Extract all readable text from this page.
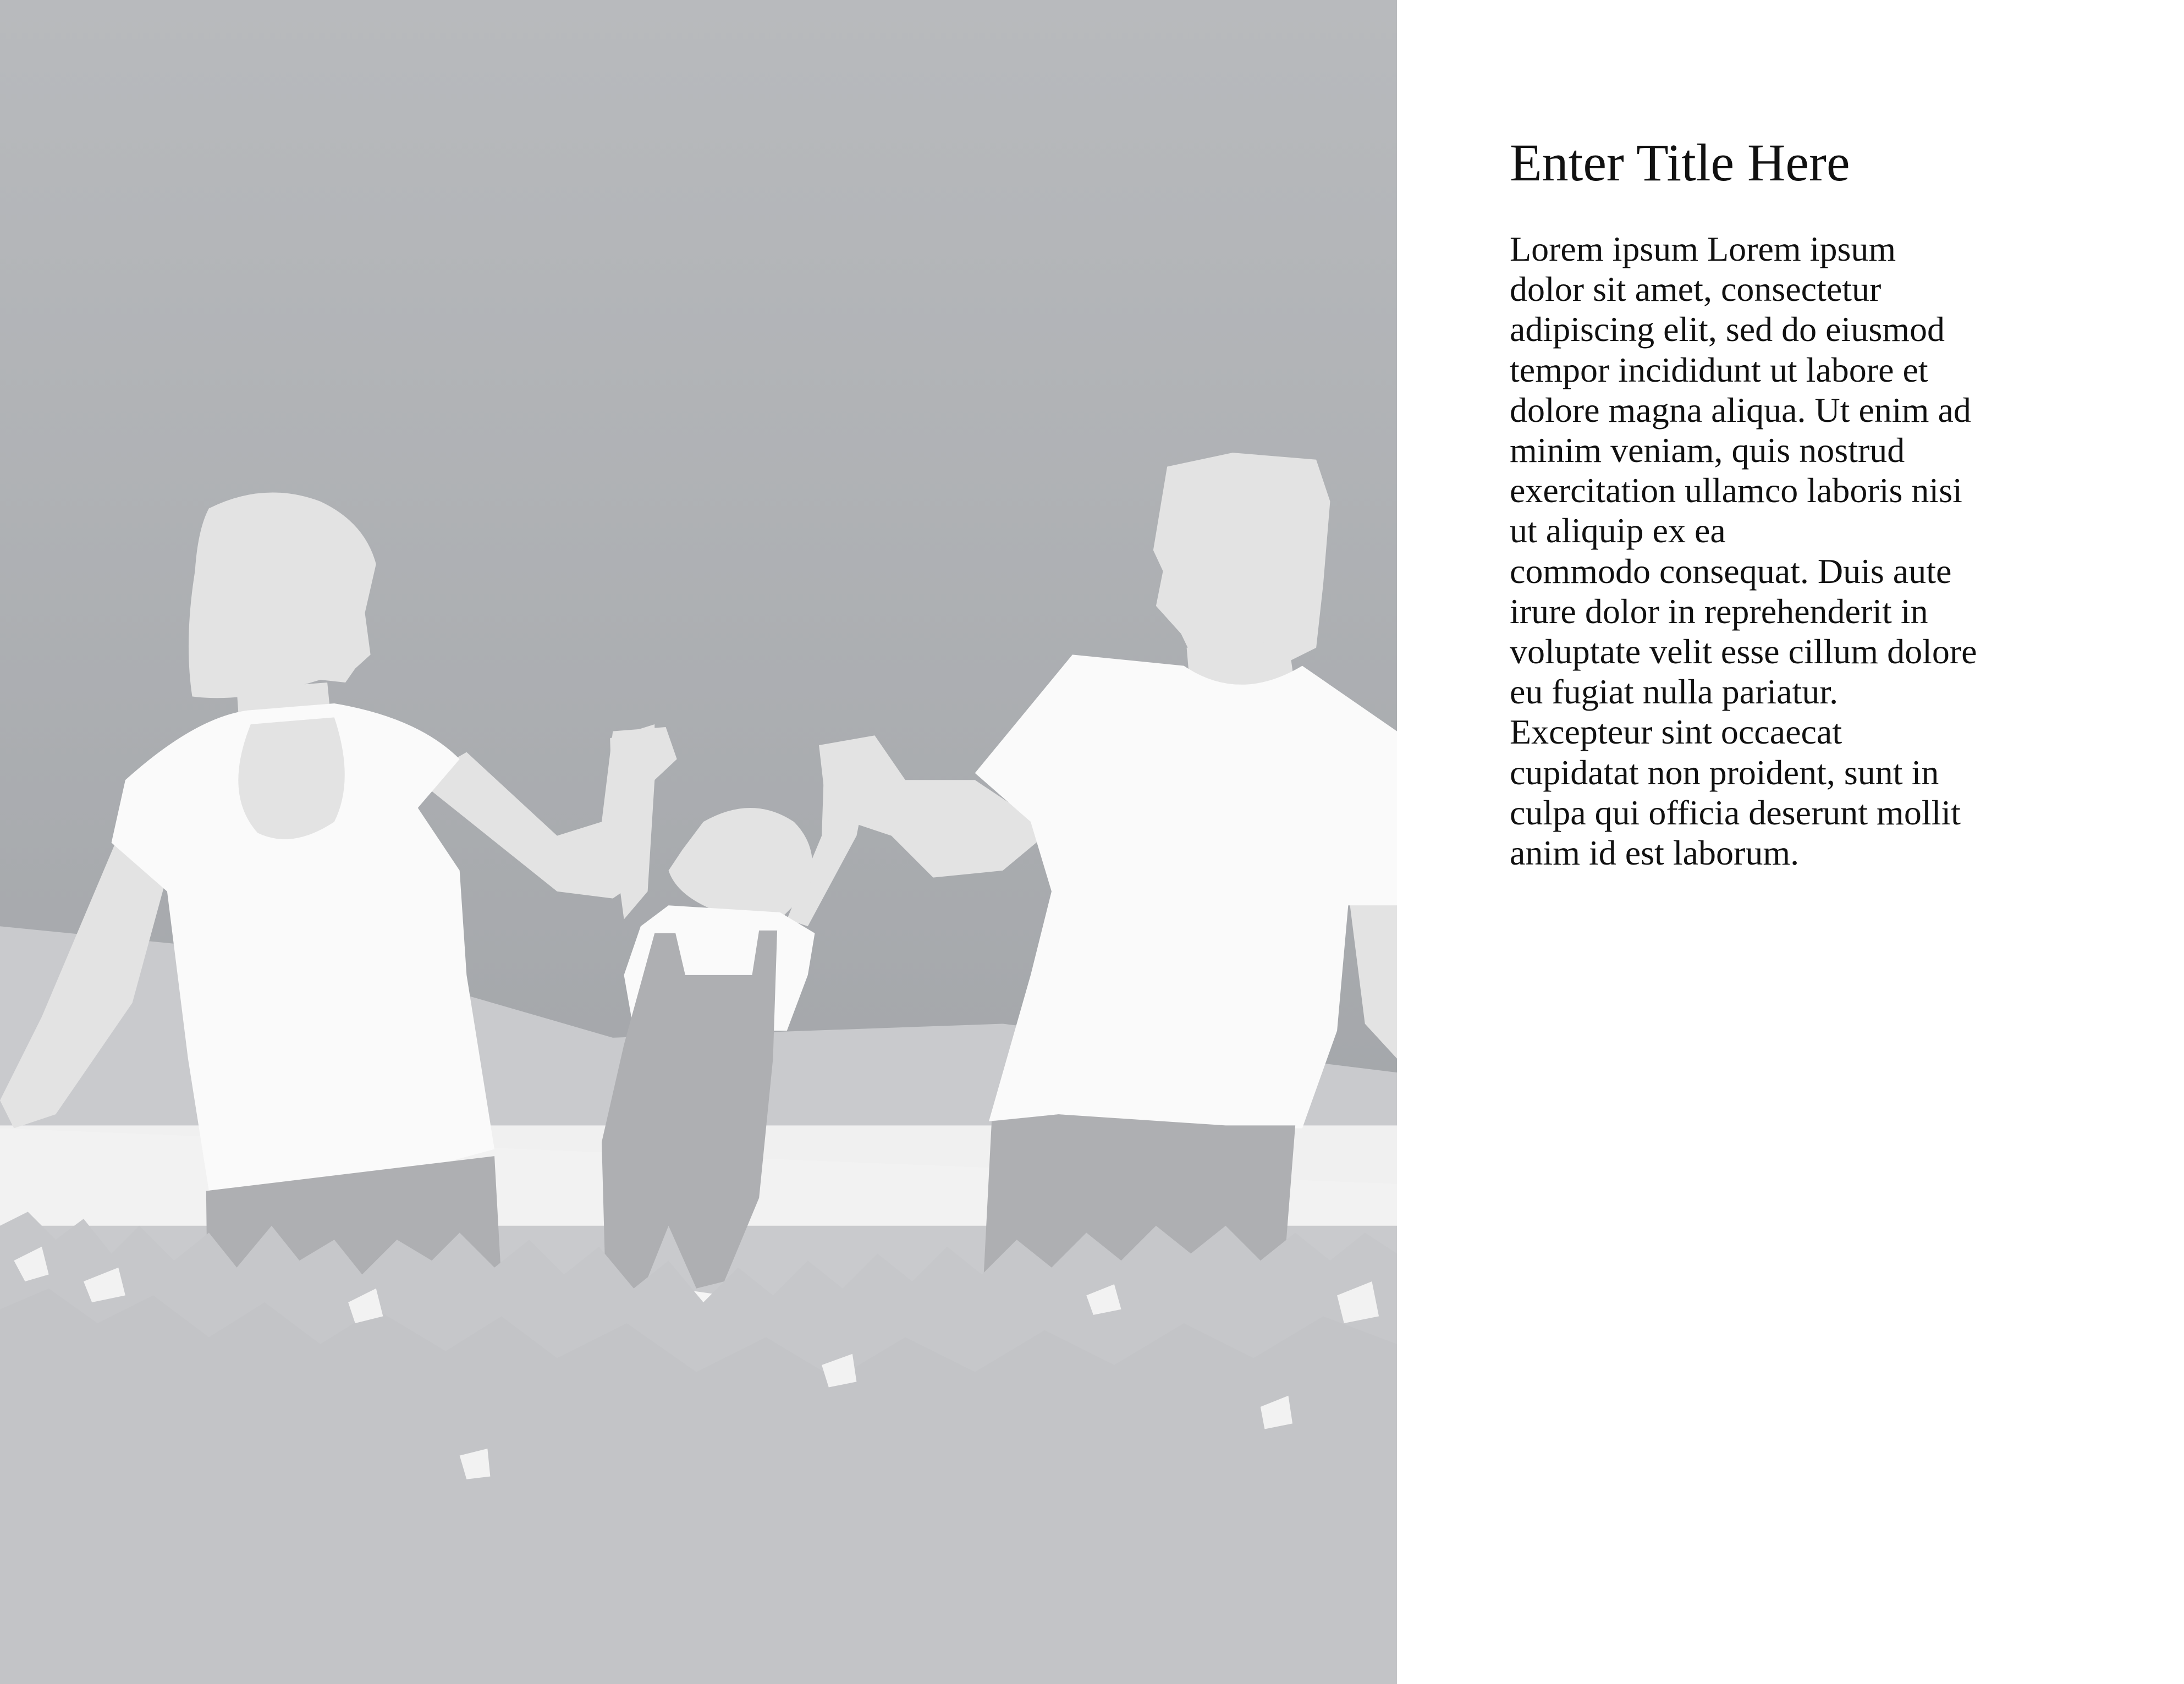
Enter Title Here

Lorem ipsum Lorem ipsum
dolor sit amet, consectetur
adipiscing elit, sed do eiusmod
tempor incididunt ut labore et
dolore magna aliqua. Ut enim ad
minim veniam, quis nostrud
exercitation ullamco laboris nisi
ut aliquip ex ea
commodo consequat. Duis aute
irure dolor in reprehenderit in
voluptate velit esse cillum dolore
eu fugiat nulla pariatur.
Excepteur sint occaecat
cupidatat non proident, sunt in
culpa qui officia deserunt mollit
anim id est laborum.
